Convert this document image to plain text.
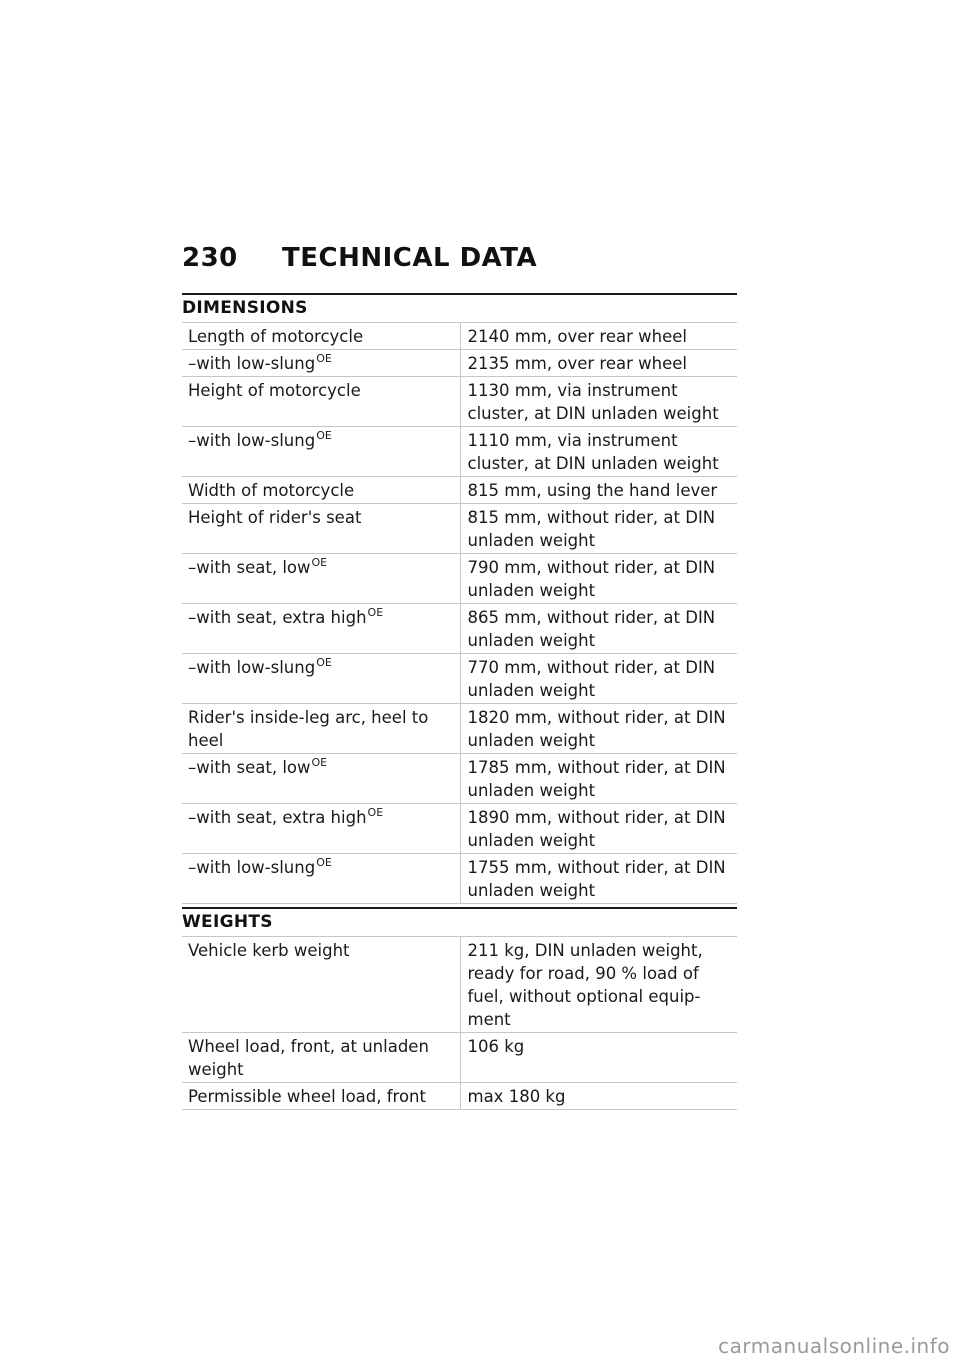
230 TECHNICAL DATA
DIMENSIONS
Length of motorcycle	2140 mm, over rear wheel
–with low-slung$^{OE}$	2135 mm, over rear wheel
Height of motorcycle	1130 mm, via instrument cluster, at DIN unladen weight
–with low-slung$^{OE}$	1110 mm, via instrument cluster, at DIN unladen weight
Width of motorcycle	815 mm, using the hand lever
Height of rider's seat	815 mm, without rider, at DIN unladen weight
–with seat, low$^{OE}$	790 mm, without rider, at DIN unladen weight
–with seat, extra high$^{OE}$	865 mm, without rider, at DIN unladen weight
–with low-slung$^{OE}$	770 mm, without rider, at DIN unladen weight
Rider's inside-leg arc, heel to heel	1820 mm, without rider, at DIN unladen weight
–with seat, low$^{OE}$	1785 mm, without rider, at DIN unladen weight
–with seat, extra high$^{OE}$	1890 mm, without rider, at DIN unladen weight
–with low-slung$^{OE}$	1755 mm, without rider, at DIN unladen weight
WEIGHTS
Vehicle kerb weight	211 kg, DIN unladen weight, ready for road, 90 % load of fuel, without optional equip-ment
Wheel load, front, at unladen weight	106 kg
Permissible wheel load, front	max 180 kg
carmanualsonline.info
